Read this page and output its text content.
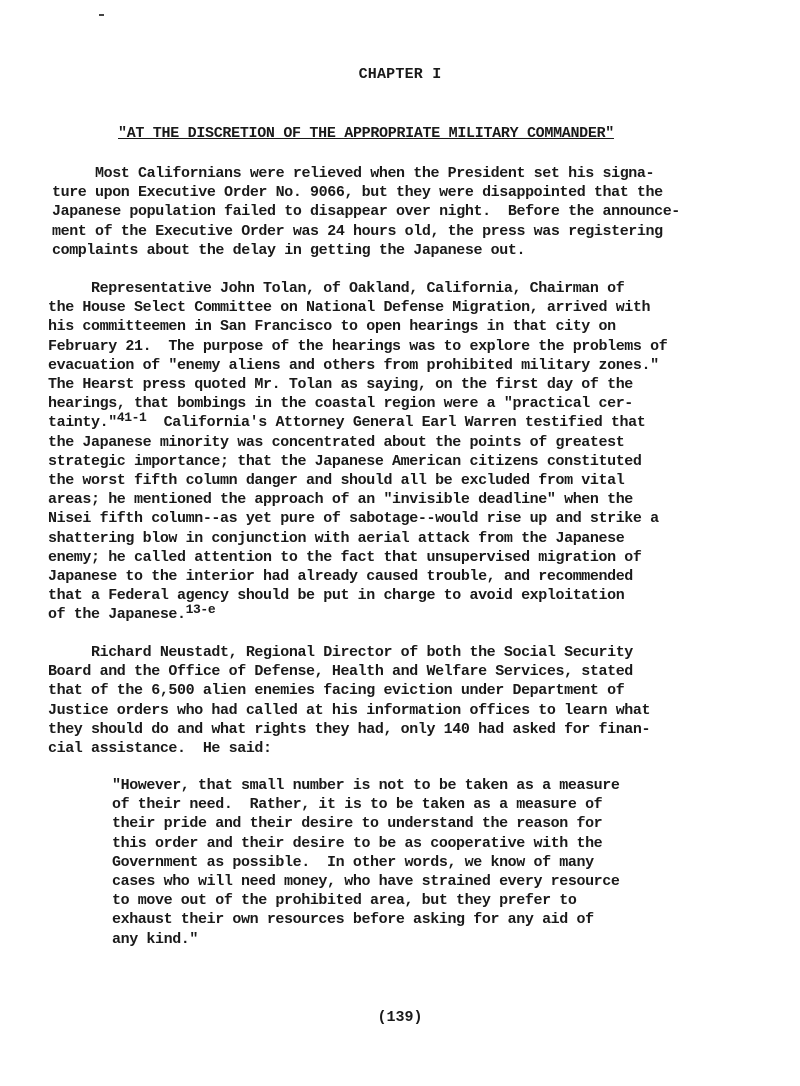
CHAPTER I
"AT THE DISCRETION OF THE APPROPRIATE MILITARY COMMANDER"
Most Californians were relieved when the President set his signa-
ture upon Executive Order No. 9066, but they were disappointed that the
Japanese population failed to disappear over night.  Before the announce-
ment of the Executive Order was 24 hours old, the press was registering
complaints about the delay in getting the Japanese out.
Representative John Tolan, of Oakland, California, Chairman of
the House Select Committee on National Defense Migration, arrived with
his committeemen in San Francisco to open hearings in that city on
February 21.  The purpose of the hearings was to explore the problems of
evacuation of "enemy aliens and others from prohibited military zones."
The Hearst press quoted Mr. Tolan as saying, on the first day of the
hearings, that bombings in the coastal region were a "practical cer-
tainty."$^{41-1}$  California's Attorney General Earl Warren testified that
the Japanese minority was concentrated about the points of greatest
strategic importance; that the Japanese American citizens constituted
the worst fifth column danger and should all be excluded from vital
areas; he mentioned the approach of an "invisible deadline" when the
Nisei fifth column--as yet pure of sabotage--would rise up and strike a
shattering blow in conjunction with aerial attack from the Japanese
enemy; he called attention to the fact that unsupervised migration of
Japanese to the interior had already caused trouble, and recommended
that a Federal agency should be put in charge to avoid exploitation
of the Japanese.$^{13-e}$
Richard Neustadt, Regional Director of both the Social Security
Board and the Office of Defense, Health and Welfare Services, stated
that of the 6,500 alien enemies facing eviction under Department of
Justice orders who had called at his information offices to learn what
they should do and what rights they had, only 140 had asked for finan-
cial assistance.  He said:
"However, that small number is not to be taken as a measure
of their need.  Rather, it is to be taken as a measure of
their pride and their desire to understand the reason for
this order and their desire to be as cooperative with the
Government as possible.  In other words, we know of many
cases who will need money, who have strained every resource
to move out of the prohibited area, but they prefer to
exhaust their own resources before asking for any aid of
any kind."
(139)
